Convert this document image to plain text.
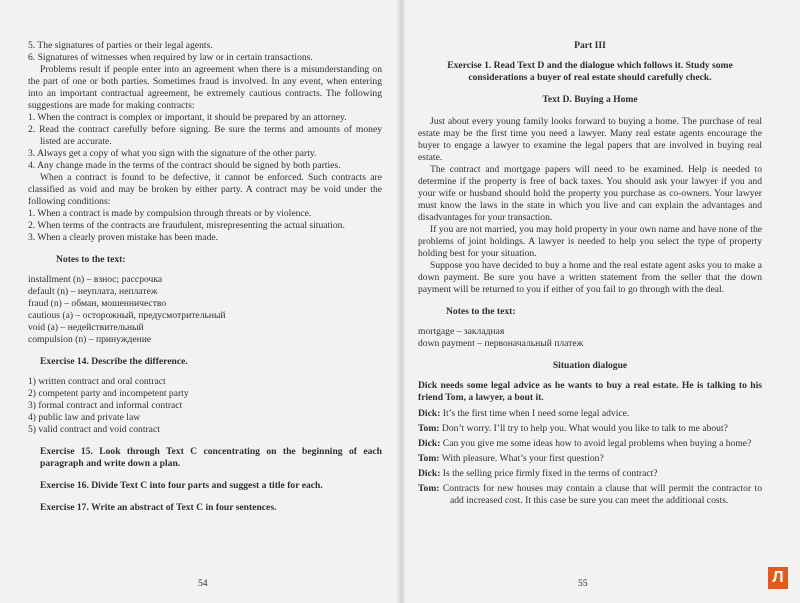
5. The signatures of parties or their legal agents.

6. Signatures of witnesses when required by law or in certain transactions.

Problems result if people enter into an agreement when there is a misunderstanding on the part of one or both parties. Sometimes fraud is involved. In any event, when entering into an important contractual agreement, be extremely cautious contracts. The following suggestions are made for making contracts:

1. When the contract is complex or important, it should be prepared by an attorney.

2. Read the contract carefully before signing. Be sure the terms and amounts of money listed are accurate.

3. Always get a copy of what you sign with the signature of the other party.

4. Any change made in the terms of the contract should be signed by both parties.

When a contract is found to be defective, it cannot be enforced. Such contracts are classified as void and may be broken by either party. A contract may be void under the following conditions:

1. When a contract is made by compulsion through threats or by violence.

2. When terms of the contracts are fraudulent, misrepresenting the actual situation.

3. When a clearly proven mistake has been made.

Notes to the text:

installment (n) – взнос; рассрочка

default (n) – неуплата, неплатеж

fraud (n) – обман, мошенничество

cautious (a) – осторожный, предусмотрительный

void (a) – недействительный

compulsion (n) – принуждение

Exercise 14. Describe the difference.

1) written contract and oral contract

2) competent party and incompetent party

3) formal contract and informal contract

4) public law and private law

5) valid contract and void contract

Exercise 15. Look through Text C concentrating on the beginning of each paragraph and write down a plan.

Exercise 16. Divide Text C into four parts and suggest a title for each.

Exercise 17. Write an abstract of Text C in four sentences.

54

Part III

Exercise 1. Read Text D and the dialogue which follows it. Study some considerations a buyer of real estate should carefully check.

Text D. Buying a Home

Just about every young family looks forward to buying a home. The purchase of real estate may be the first time you need a lawyer. Many real estate agents encourage the buyer to engage a lawyer to examine the legal papers that are involved in buying real estate.

The contract and mortgage papers will need to be examined. Help is needed to determine if the property is free of back taxes. You should ask your lawyer if you and your wife or husband should hold the property you purchase as co-owners. Your lawyer must know the laws in the state in which you live and can explain the advantages and disadvantages for your transaction.

If you are not married, you may hold property in your own name and have none of the problems of joint holdings. A lawyer is needed to help you select the type of property holding best for your situation.

Suppose you have decided to buy a home and the real estate agent asks you to make a down payment. Be sure you have a written statement from the seller that the down payment will be returned to you if either of you fail to go through with the deal.

Notes to the text:

mortgage – закладная

down payment – первоначальный платеж

Situation dialogue

Dick needs some legal advice as he wants to buy a real estate. He is talking to his friend Tom, a lawyer, a bout it.

Dick: It’s the first time when I need some legal advice.

Tom: Don’t worry. I’ll try to help you. What would you like to talk to me about?

Dick: Can you give me some ideas how to avoid legal problems when buying a home?

Tom: With pleasure. What’s your first question?

Dick: Is the selling price firmly fixed in the terms of contract?

Tom: Contracts for new houses may contain a clause that will permit the contractor to add increased cost. It this case be sure you can meet the additional costs.

55	Л
